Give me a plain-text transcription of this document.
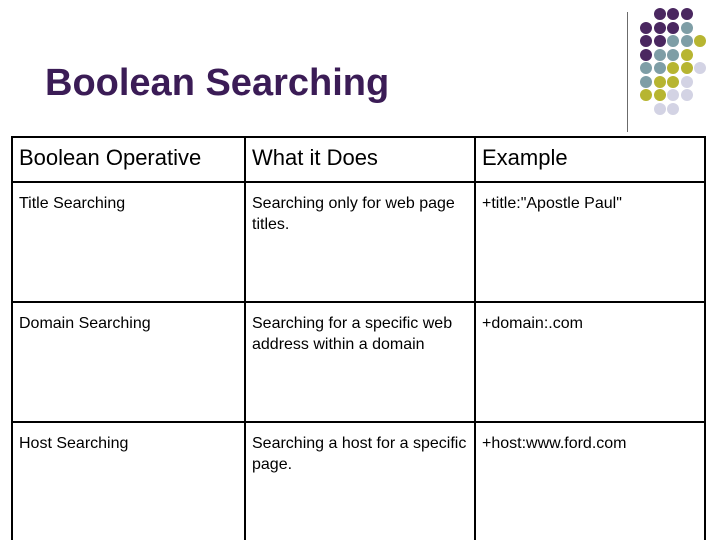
Boolean Searching
Boolean Operative	What it Does	Example
Title Searching	Searching only for web page titles.	+title:"Apostle Paul"
Domain Searching	Searching for a specific web address within a domain	+domain:.com
Host Searching	Searching a host for a specific page.	+host:www.ford.com
